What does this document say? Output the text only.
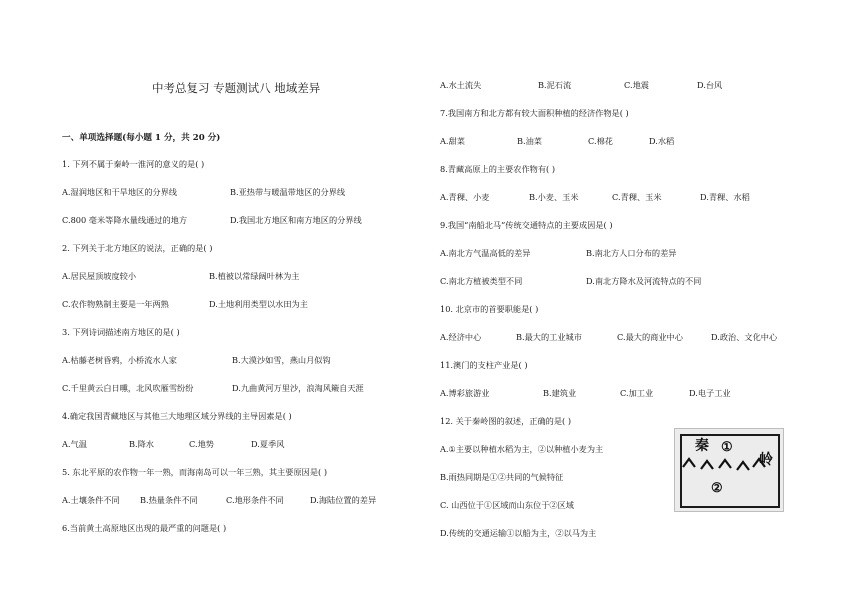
中考总复习 专题测试八 地域差异
一、单项选择题(每小题 1 分，共 20 分)
1. 下列不属于秦岭一淮河的意义的是( )
A.湿润地区和干旱地区的分界线	B.亚热带与暖温带地区的分界线
C.800 毫米等降水量线通过的地方	D.我国北方地区和南方地区的分界线
2. 下列关于北方地区的说法，正确的是( )
A.居民屋顶坡度较小	B.植被以常绿阔叶林为主
C.农作物熟制主要是一年两熟	D.土地利用类型以水田为主
3. 下列诗词描述南方地区的是( )
A.枯藤老树昏鸦，小桥流水人家	B.大漠沙如雪，燕山月似钩
C.千里黄云白日曛，北风吹雁雪纷纷	D.九曲黄河万里沙，浪淘风簸自天涯
4.确定我国青藏地区与其他三大地理区域分界线的主导因素是( )
A.气温	B.降水	C.地势	D.夏季风
5. 东北平原的农作物一年一熟，而海南岛可以一年三熟，其主要原因是( )
A.土壤条件不同 B.热量条件不同	C.地形条件不同	D.海陆位置的差异
6.当前黄土高原地区出现的最严重的问题是( )
A.水土流失	B.泥石流	C.地震	D.台风
7.我国南方和北方都有较大面积种植的经济作物是( )
A.甜菜	B.油菜	C.棉花	D.水稻
8.青藏高原上的主要农作物有( )
A.青稞、小麦	B.小麦、玉米	C.青稞、玉米	D.青稞、水稻
9.我国“南船北马”传统交通特点的主要成因是( )
A.南北方气温高低的差异	B.南北方人口分布的差异
C.南北方植被类型不同	D.南北方降水及河流特点的不同
10. 北京市的首要职能是( )
A.经济中心	B.最大的工业城市	C.最大的商业中心	D.政治、文化中心
11.澳门的支柱产业是( )
A.博彩旅游业	B.建筑业	C.加工业	D.电子工业
12. 关于秦岭图的叙述，正确的是( )
A.①主要以种植水稻为主，②以种植小麦为主
B.雨热同期是①②共同的气候特征
C. 山西位于①区域而山东位于②区域
D.传统的交通运输①以船为主，②以马为主
秦 ①
岭
②
